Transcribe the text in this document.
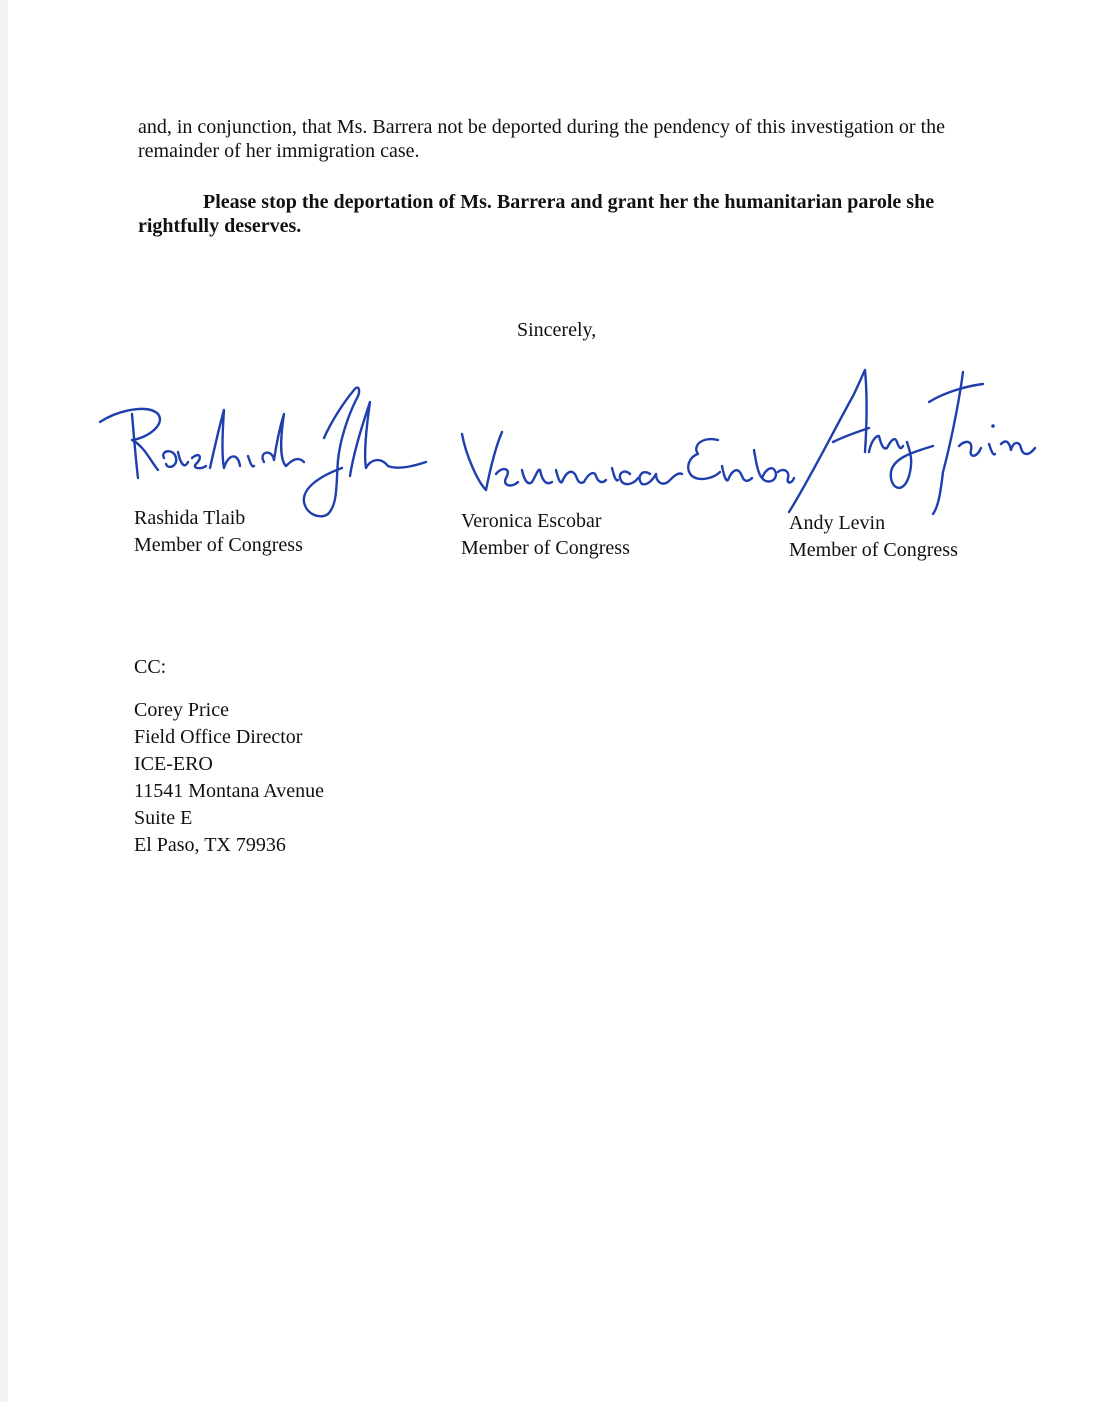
and, in conjunction, that Ms. Barrera not be deported during the pendency of this investigation or the remainder of her immigration case.

Please stop the deportation of Ms. Barrera and grant her the humanitarian parole she rightfully deserves.

Sincerely,
Rashida Tlaib
Member of Congress
Veronica Escobar
Member of Congress
Andy Levin
Member of Congress
CC:
Corey Price
Field Office Director
ICE-ERO
11541 Montana Avenue
Suite E
El Paso, TX 79936
